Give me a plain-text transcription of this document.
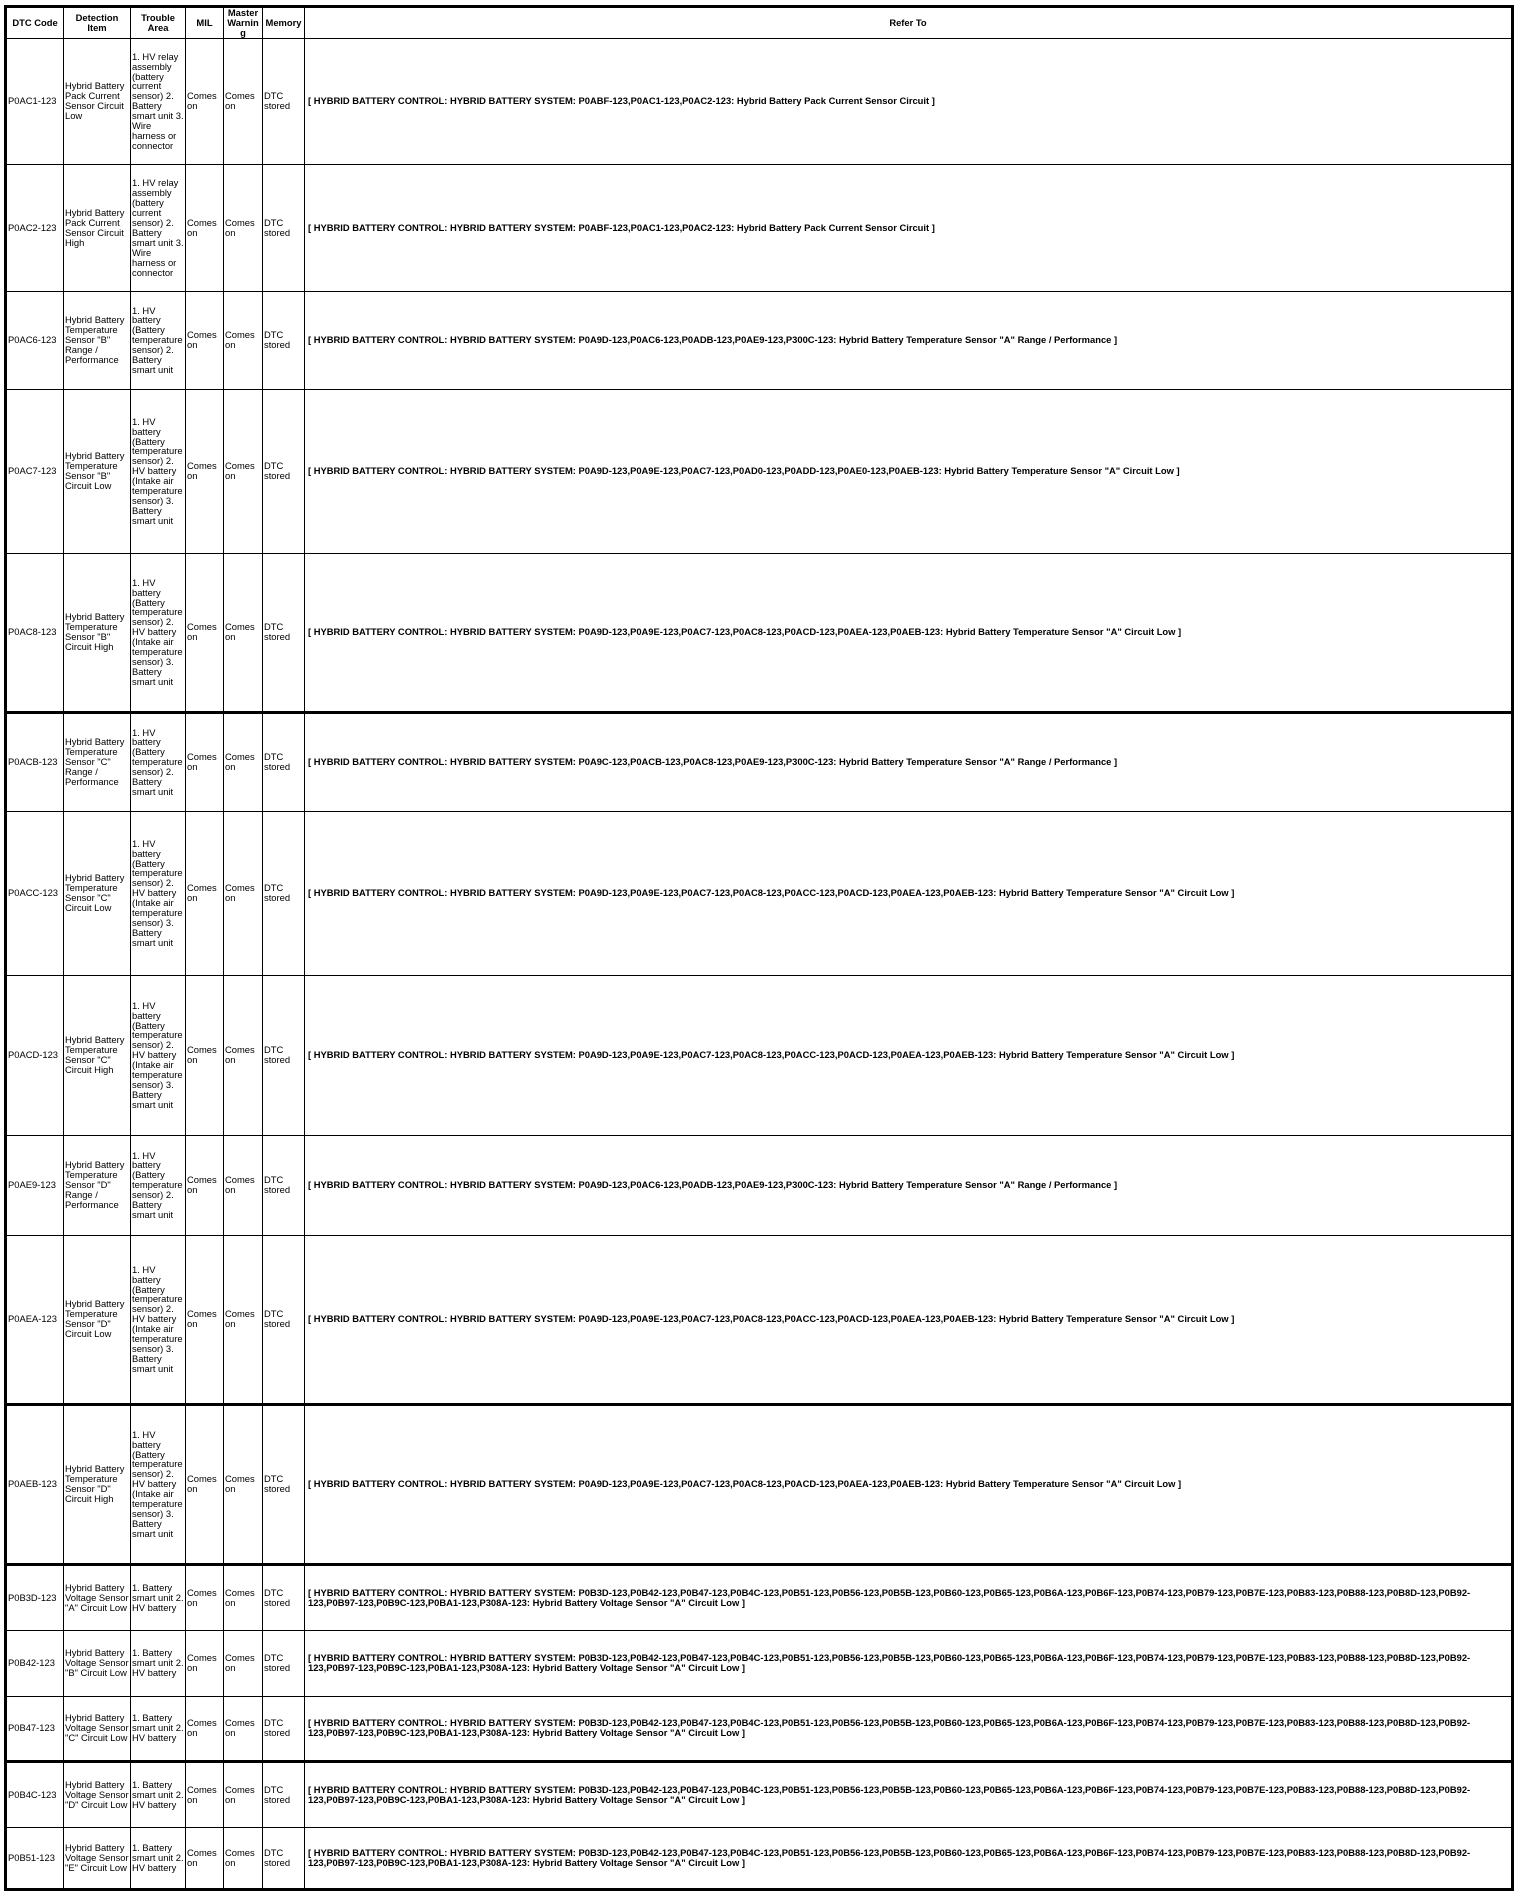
DTC Code	Detection Item	Trouble Area	MIL	Master Warning	Memory	Refer To
P0AC1-123	Hybrid Battery Pack Current Sensor Circuit Low	1. HV relay assembly (battery current sensor) 2. Battery smart unit 3. Wire harness or connector	Comes on	Comes on	DTC stored	[ HYBRID BATTERY CONTROL: HYBRID BATTERY SYSTEM: P0ABF-123,P0AC1-123,P0AC2-123: Hybrid Battery Pack Current Sensor Circuit ]
P0AC2-123	Hybrid Battery Pack Current Sensor Circuit High	1. HV relay assembly (battery current sensor) 2. Battery smart unit 3. Wire harness or connector	Comes on	Comes on	DTC stored	[ HYBRID BATTERY CONTROL: HYBRID BATTERY SYSTEM: P0ABF-123,P0AC1-123,P0AC2-123: Hybrid Battery Pack Current Sensor Circuit ]
P0AC6-123	Hybrid Battery Temperature Sensor "B" Range / Performance	1. HV battery (Battery temperature sensor) 2. Battery smart unit	Comes on	Comes on	DTC stored	[ HYBRID BATTERY CONTROL: HYBRID BATTERY SYSTEM: P0A9D-123,P0AC6-123,P0ADB-123,P0AE9-123,P300C-123: Hybrid Battery Temperature Sensor "A" Range / Performance ]
P0AC7-123	Hybrid Battery Temperature Sensor "B" Circuit Low	1. HV battery (Battery temperature sensor) 2. HV battery (Intake air temperature sensor) 3. Battery smart unit	Comes on	Comes on	DTC stored	[ HYBRID BATTERY CONTROL: HYBRID BATTERY SYSTEM: P0A9D-123,P0A9E-123,P0AC7-123,P0AD0-123,P0ADD-123,P0AE0-123,P0AEB-123: Hybrid Battery Temperature Sensor "A" Circuit Low ]
P0AC8-123	Hybrid Battery Temperature Sensor "B" Circuit High	1. HV battery (Battery temperature sensor) 2. HV battery (Intake air temperature sensor) 3. Battery smart unit	Comes on	Comes on	DTC stored	[ HYBRID BATTERY CONTROL: HYBRID BATTERY SYSTEM: P0A9D-123,P0A9E-123,P0AC7-123,P0AC8-123,P0ACD-123,P0AEA-123,P0AEB-123: Hybrid Battery Temperature Sensor "A" Circuit Low ]
P0ACB-123	Hybrid Battery Temperature Sensor "C" Range / Performance	1. HV battery (Battery temperature sensor) 2. Battery smart unit	Comes on	Comes on	DTC stored	[ HYBRID BATTERY CONTROL: HYBRID BATTERY SYSTEM: P0A9C-123,P0ACB-123,P0AC8-123,P0AE9-123,P300C-123: Hybrid Battery Temperature Sensor "A" Range / Performance ]
P0ACC-123	Hybrid Battery Temperature Sensor "C" Circuit Low	1. HV battery (Battery temperature sensor) 2. HV battery (Intake air temperature sensor) 3. Battery smart unit	Comes on	Comes on	DTC stored	[ HYBRID BATTERY CONTROL: HYBRID BATTERY SYSTEM: P0A9D-123,P0A9E-123,P0AC7-123,P0AC8-123,P0ACC-123,P0ACD-123,P0AEA-123,P0AEB-123: Hybrid Battery Temperature Sensor "A" Circuit Low ]
P0ACD-123	Hybrid Battery Temperature Sensor "C" Circuit High	1. HV battery (Battery temperature sensor) 2. HV battery (Intake air temperature sensor) 3. Battery smart unit	Comes on	Comes on	DTC stored	[ HYBRID BATTERY CONTROL: HYBRID BATTERY SYSTEM: P0A9D-123,P0A9E-123,P0AC7-123,P0AC8-123,P0ACC-123,P0ACD-123,P0AEA-123,P0AEB-123: Hybrid Battery Temperature Sensor "A" Circuit Low ]
P0AE9-123	Hybrid Battery Temperature Sensor "D" Range / Performance	1. HV battery (Battery temperature sensor) 2. Battery smart unit	Comes on	Comes on	DTC stored	[ HYBRID BATTERY CONTROL: HYBRID BATTERY SYSTEM: P0A9D-123,P0AC6-123,P0ADB-123,P0AE9-123,P300C-123: Hybrid Battery Temperature Sensor "A" Range / Performance ]
P0AEA-123	Hybrid Battery Temperature Sensor "D" Circuit Low	1. HV battery (Battery temperature sensor) 2. HV battery (Intake air temperature sensor) 3. Battery smart unit	Comes on	Comes on	DTC stored	[ HYBRID BATTERY CONTROL: HYBRID BATTERY SYSTEM: P0A9D-123,P0A9E-123,P0AC7-123,P0AC8-123,P0ACC-123,P0ACD-123,P0AEA-123,P0AEB-123: Hybrid Battery Temperature Sensor "A" Circuit Low ]
P0AEB-123	Hybrid Battery Temperature Sensor "D" Circuit High	1. HV battery (Battery temperature sensor) 2. HV battery (Intake air temperature sensor) 3. Battery smart unit	Comes on	Comes on	DTC stored	[ HYBRID BATTERY CONTROL: HYBRID BATTERY SYSTEM: P0A9D-123,P0A9E-123,P0AC7-123,P0AC8-123,P0ACD-123,P0AEA-123,P0AEB-123: Hybrid Battery Temperature Sensor "A" Circuit Low ]
P0B3D-123	Hybrid Battery Voltage Sensor "A" Circuit Low	1. Battery smart unit 2. HV battery	Comes on	Comes on	DTC stored	[ HYBRID BATTERY CONTROL: HYBRID BATTERY SYSTEM: P0B3D-123,P0B42-123,P0B47-123,P0B4C-123,P0B51-123,P0B56-123,P0B5B-123,P0B60-123,P0B65-123,P0B6A-123,P0B6F-123,P0B74-123,P0B79-123,P0B7E-123,P0B83-123,P0B88-123,P0B8D-123,P0B92-123,P0B97-123,P0B9C-123,P0BA1-123,P308A-123: Hybrid Battery Voltage Sensor "A" Circuit Low ]
P0B42-123	Hybrid Battery Voltage Sensor "B" Circuit Low	1. Battery smart unit 2. HV battery	Comes on	Comes on	DTC stored	[ HYBRID BATTERY CONTROL: HYBRID BATTERY SYSTEM: P0B3D-123,P0B42-123,P0B47-123,P0B4C-123,P0B51-123,P0B56-123,P0B5B-123,P0B60-123,P0B65-123,P0B6A-123,P0B6F-123,P0B74-123,P0B79-123,P0B7E-123,P0B83-123,P0B88-123,P0B8D-123,P0B92-123,P0B97-123,P0B9C-123,P0BA1-123,P308A-123: Hybrid Battery Voltage Sensor "A" Circuit Low ]
P0B47-123	Hybrid Battery Voltage Sensor "C" Circuit Low	1. Battery smart unit 2. HV battery	Comes on	Comes on	DTC stored	[ HYBRID BATTERY CONTROL: HYBRID BATTERY SYSTEM: P0B3D-123,P0B42-123,P0B47-123,P0B4C-123,P0B51-123,P0B56-123,P0B5B-123,P0B60-123,P0B65-123,P0B6A-123,P0B6F-123,P0B74-123,P0B79-123,P0B7E-123,P0B83-123,P0B88-123,P0B8D-123,P0B92-123,P0B97-123,P0B9C-123,P0BA1-123,P308A-123: Hybrid Battery Voltage Sensor "A" Circuit Low ]
P0B4C-123	Hybrid Battery Voltage Sensor "D" Circuit Low	1. Battery smart unit 2. HV battery	Comes on	Comes on	DTC stored	[ HYBRID BATTERY CONTROL: HYBRID BATTERY SYSTEM: P0B3D-123,P0B42-123,P0B47-123,P0B4C-123,P0B51-123,P0B56-123,P0B5B-123,P0B60-123,P0B65-123,P0B6A-123,P0B6F-123,P0B74-123,P0B79-123,P0B7E-123,P0B83-123,P0B88-123,P0B8D-123,P0B92-123,P0B97-123,P0B9C-123,P0BA1-123,P308A-123: Hybrid Battery Voltage Sensor "A" Circuit Low ]
P0B51-123	Hybrid Battery Voltage Sensor "E" Circuit Low	1. Battery smart unit 2. HV battery	Comes on	Comes on	DTC stored	[ HYBRID BATTERY CONTROL: HYBRID BATTERY SYSTEM: P0B3D-123,P0B42-123,P0B47-123,P0B4C-123,P0B51-123,P0B56-123,P0B5B-123,P0B60-123,P0B65-123,P0B6A-123,P0B6F-123,P0B74-123,P0B79-123,P0B7E-123,P0B83-123,P0B88-123,P0B8D-123,P0B92-123,P0B97-123,P0B9C-123,P0BA1-123,P308A-123: Hybrid Battery Voltage Sensor "A" Circuit Low ]
